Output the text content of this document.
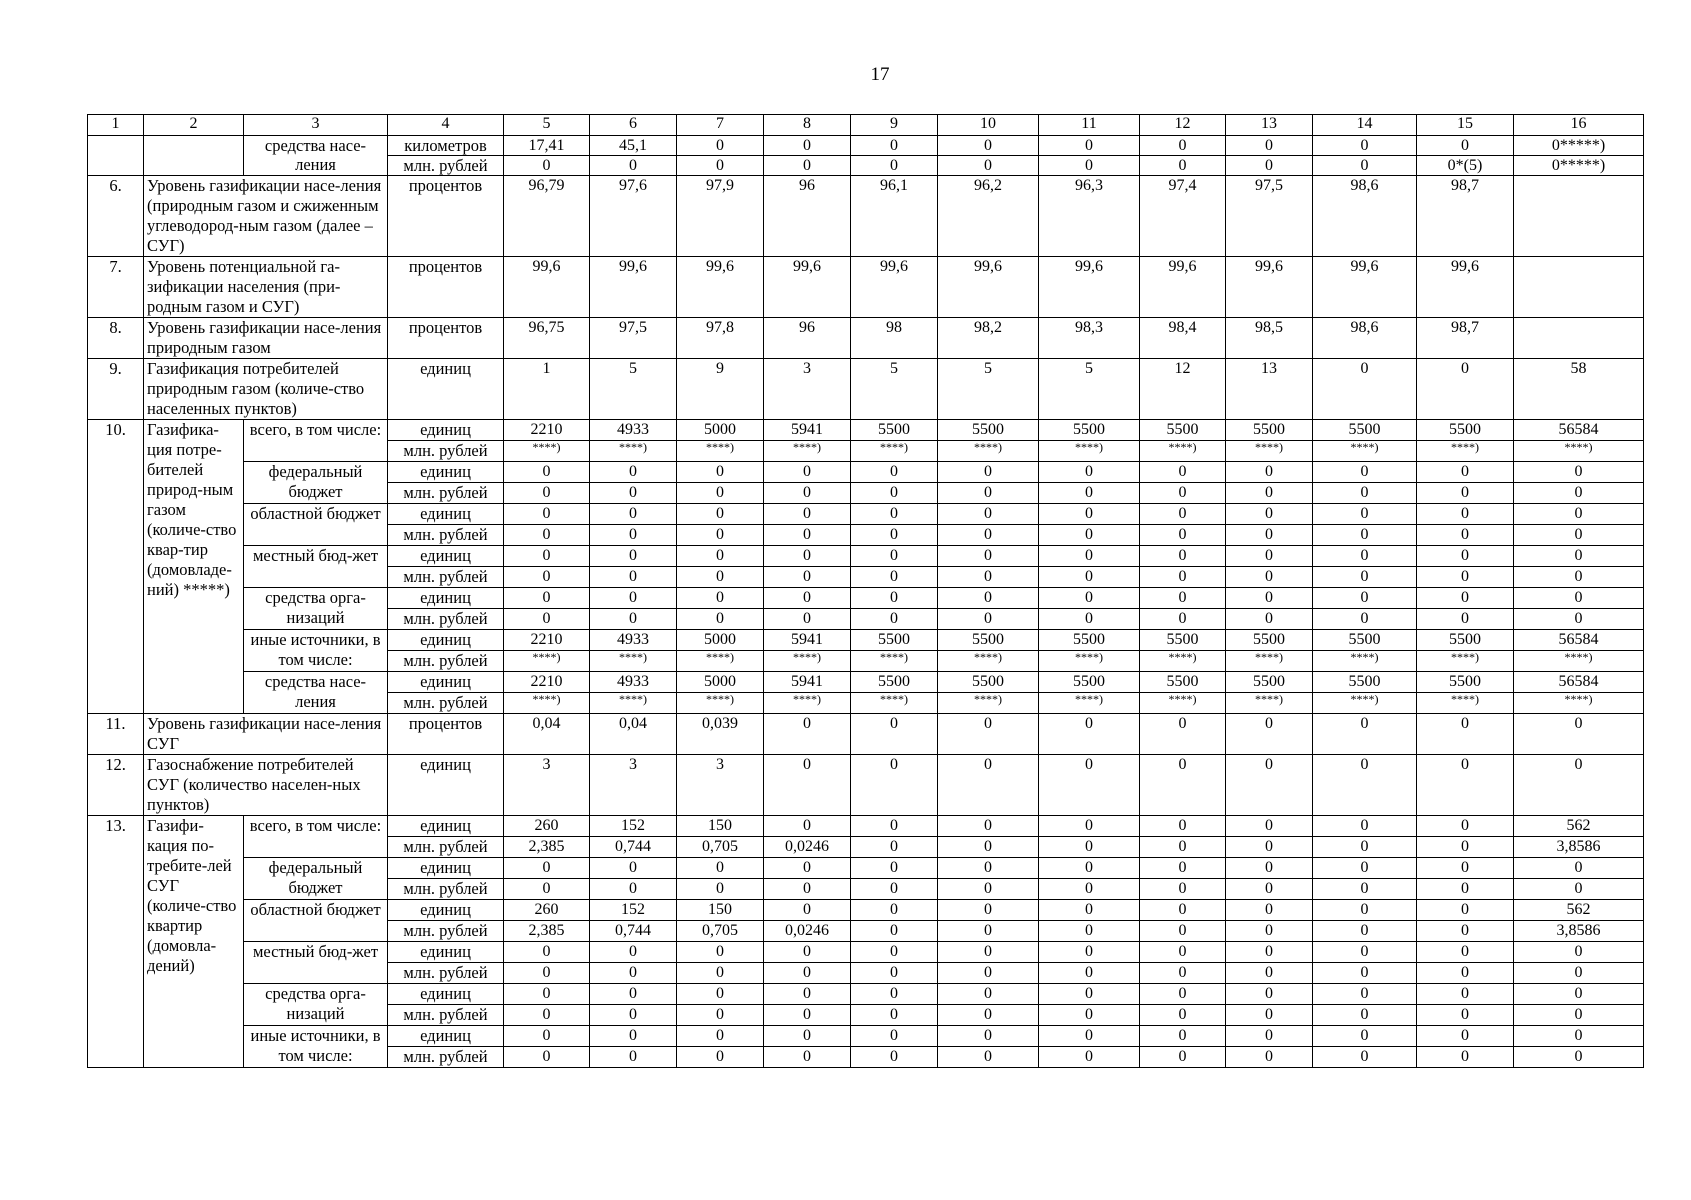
17
1	2	3	4	5	6	7	8	9	10	11	12	13	14	15	16
		средства насе-ления	километров	17,41	45,1	0	0	0	0	0	0	0	0	0	0*****)
			млн. рублей	0	0	0	0	0	0	0	0	0	0	0*(5)	0*****)
6.	Уровень газификации насе-ления (природным газом и сжиженным углеводород-ным газом (далее – СУГ)		процентов	96,79	97,6	97,9	96	96,1	96,2	96,3	97,4	97,5	98,6	98,7	
7.	Уровень потенциальной га-зификации населения (при-родным газом и СУГ)		процентов	99,6	99,6	99,6	99,6	99,6	99,6	99,6	99,6	99,6	99,6	99,6	
8.	Уровень газификации насе-ления природным газом		процентов	96,75	97,5	97,8	96	98	98,2	98,3	98,4	98,5	98,6	98,7	
9.	Газификация потребителей природным газом (количе-ство населенных пунктов)		единиц	1	5	9	3	5	5	5	12	13	0	0	58
10.	Газифика-ция потре-бителей природ-ным газом (количе-ство квар-тир (домовладе-ний) *****)	всего, в том числе:	единиц	2210	4933	5000	5941	5500	5500	5500	5500	5500	5500	5500	56584
			млн. рублей	****)	****)	****)	****)	****)	****)	****)	****)	****)	****)	****)	****)

		федеральный бюджет	единиц	0	0	0	0	0	0	0	0	0	0	0	0
			млн. рублей	0	0	0	0	0	0	0	0	0	0	0	0
		областной бюджет	единиц	0	0	0	0	0	0	0	0	0	0	0	0
			млн. рублей	0	0	0	0	0	0	0	0	0	0	0	0
		местный бюд-жет	единиц	0	0	0	0	0	0	0	0	0	0	0	0
			млн. рублей	0	0	0	0	0	0	0	0	0	0	0	0
		средства орга-низаций	единиц	0	0	0	0	0	0	0	0	0	0	0	0
			млн. рублей	0	0	0	0	0	0	0	0	0	0	0	0
		иные источники, в том числе:	единиц	2210	4933	5000	5941	5500	5500	5500	5500	5500	5500	5500	56584
			млн. рублей	****)	****)	****)	****)	****)	****)	****)	****)	****)	****)	****)	****)

		средства насе-ления	единиц	2210	4933	5000	5941	5500	5500	5500	5500	5500	5500	5500	56584
			млн. рублей	****)	****)	****)	****)	****)	****)	****)	****)	****)	****)	****)	****)

11.	Уровень газификации насе-ления СУГ		процентов	0,04	0,04	0,039	0	0	0	0	0	0	0	0	0
12.	Газоснабжение потребителей СУГ (количество населен-ных пунктов)		единиц	3	3	3	0	0	0	0	0	0	0	0	0
13.	Газифи-кация по-требите-лей СУГ (количе-ство квартир (домовла-дений)	всего, в том числе:	единиц	260	152	150	0	0	0	0	0	0	0	0	562
			млн. рублей	2,385	0,744	0,705	0,0246	0	0	0	0	0	0	0	3,8586
		федеральный бюджет	единиц	0	0	0	0	0	0	0	0	0	0	0	0
			млн. рублей	0	0	0	0	0	0	0	0	0	0	0	0
		областной бюджет	единиц	260	152	150	0	0	0	0	0	0	0	0	562
			млн. рублей	2,385	0,744	0,705	0,0246	0	0	0	0	0	0	0	3,8586
		местный бюд-жет	единиц	0	0	0	0	0	0	0	0	0	0	0	0
			млн. рублей	0	0	0	0	0	0	0	0	0	0	0	0
		средства орга-низаций	единиц	0	0	0	0	0	0	0	0	0	0	0	0
			млн. рублей	0	0	0	0	0	0	0	0	0	0	0	0
		иные источники, в том числе:	единиц	0	0	0	0	0	0	0	0	0	0	0	0
			млн. рублей	0	0	0	0	0	0	0	0	0	0	0	0
